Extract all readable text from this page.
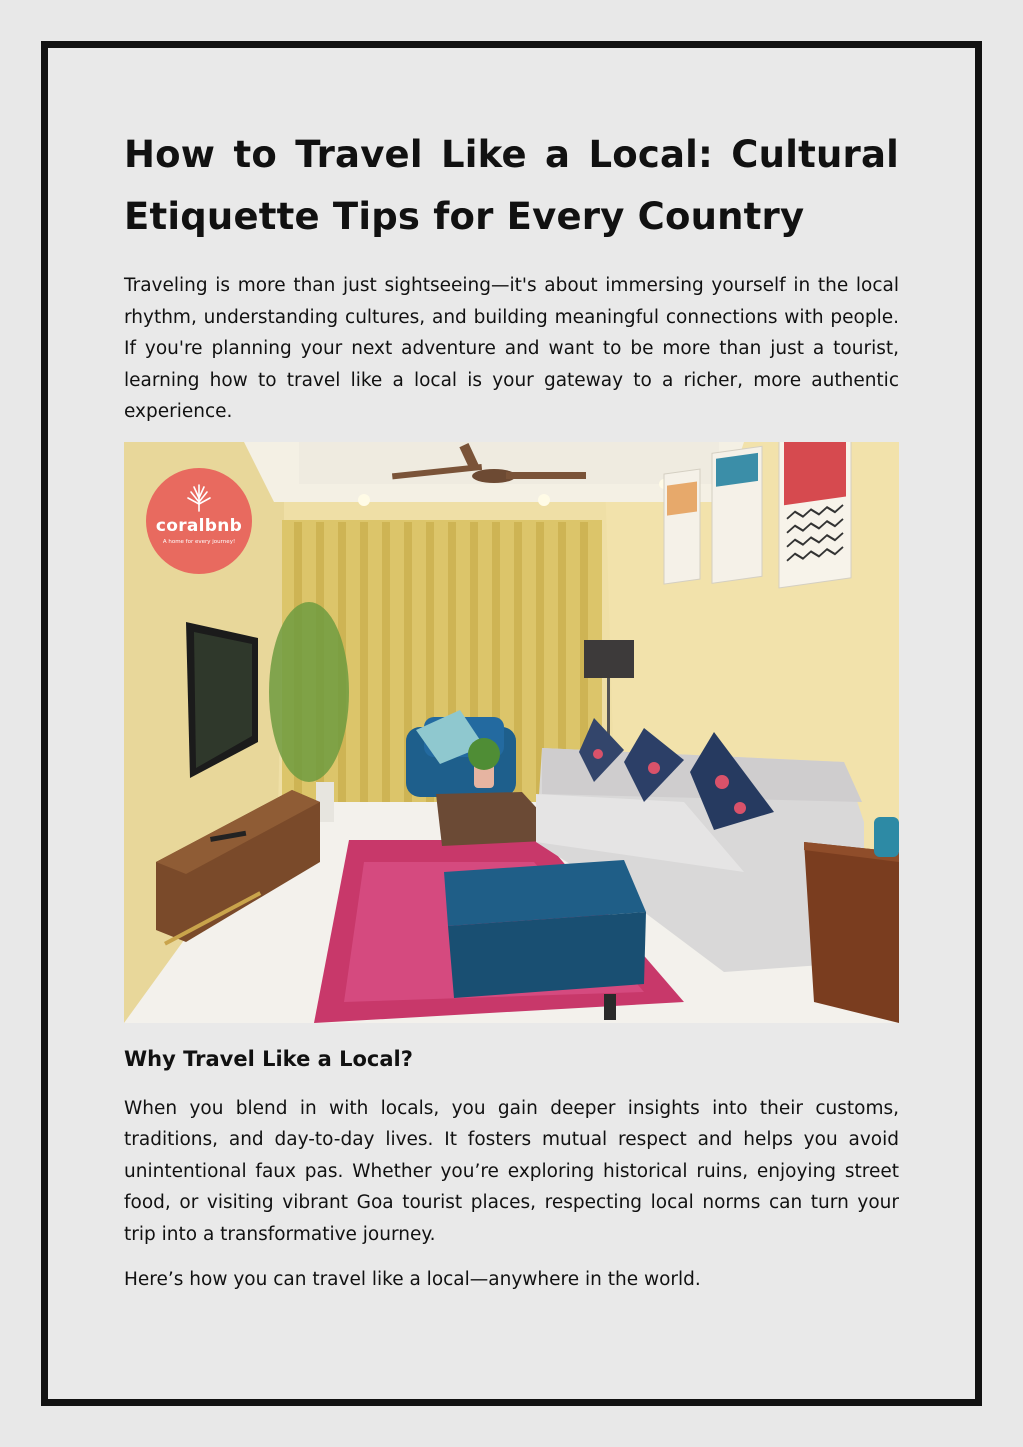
How to Travel Like a Local: Cultural Etiquette Tips for Every Country

Traveling is more than just sightseeing—it's about immersing yourself in the local rhythm, understanding cultures, and building meaningful connections with people. If you're planning your next adventure and want to be more than just a tourist, learning how to travel like a local is your gateway to a richer, more authentic experience.

coralbnb
A home for every journey!
Why Travel Like a Local?

When you blend in with locals, you gain deeper insights into their customs, traditions, and day-to-day lives. It fosters mutual respect and helps you avoid unintentional faux pas. Whether you’re exploring historical ruins, enjoying street food, or visiting vibrant Goa tourist places, respecting local norms can turn your trip into a transformative journey.

Here’s how you can travel like a local—anywhere in the world.
